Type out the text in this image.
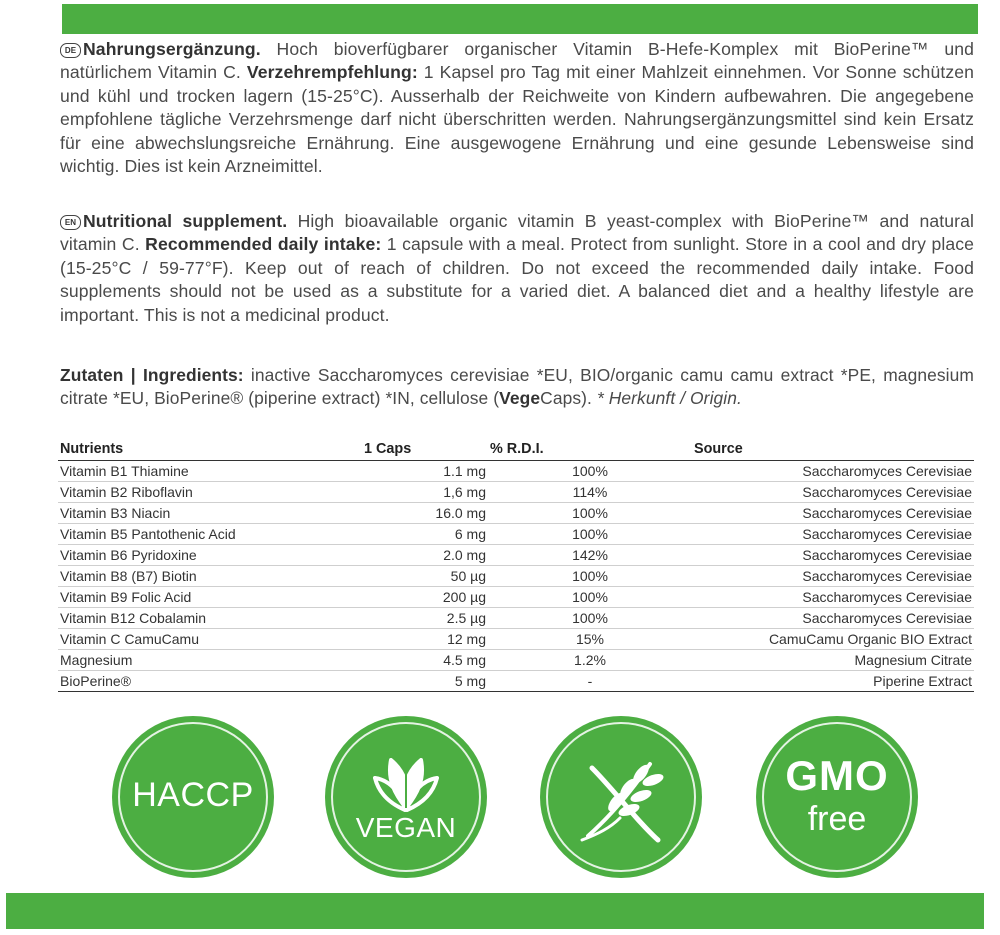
DE Nahrungsergänzung. Hoch bioverfügbarer organischer Vitamin B-Hefe-Komplex mit BioPerine™ und natürlichem Vitamin C. Verzehrempfehlung: 1 Kapsel pro Tag mit einer Mahlzeit einnehmen. Vor Sonne schützen und kühl und trocken lagern (15-25°C). Ausserhalb der Reichweite von Kindern aufbewahren. Die angegebene empfohlene tägliche Verzehrsmenge darf nicht überschritten werden. Nahrungsergänzungsmittel sind kein Ersatz für eine abwechslungsreiche Ernährung. Eine ausgewogene Ernährung und eine gesunde Lebensweise sind wichtig. Dies ist kein Arzneimittel.
EN Nutritional supplement. High bioavailable organic vitamin B yeast-complex with BioPerine™ and natural vitamin C. Recommended daily intake: 1 capsule with a meal. Protect from sunlight. Store in a cool and dry place (15-25°C / 59-77°F). Keep out of reach of children. Do not exceed the recommended daily intake. Food supplements should not be used as a substitute for a varied diet. A balanced diet and a healthy lifestyle are important. This is not a medicinal product.
Zutaten | Ingredients: inactive Saccharomyces cerevisiae *EU, BIO/organic camu camu extract *PE, magnesium citrate *EU, BioPerine® (piperine extract) *IN, cellulose (VegeCaps). * Herkunft / Origin.
Nutrients	1 Caps	% R.D.I.	Source
Vitamin B1 Thiamine	1.1 mg	100%	Saccharomyces Cerevisiae
Vitamin B2 Riboflavin	1,6 mg	114%	Saccharomyces Cerevisiae
Vitamin B3 Niacin	16.0 mg	100%	Saccharomyces Cerevisiae
Vitamin B5 Pantothenic Acid	6 mg	100%	Saccharomyces Cerevisiae
Vitamin B6 Pyridoxine	2.0 mg	142%	Saccharomyces Cerevisiae
Vitamin B8 (B7) Biotin	50 µg	100%	Saccharomyces Cerevisiae
Vitamin B9 Folic Acid	200 µg	100%	Saccharomyces Cerevisiae
Vitamin B12 Cobalamin	2.5 µg	100%	Saccharomyces Cerevisiae
Vitamin C CamuCamu	12 mg	15%	CamuCamu Organic BIO Extract
Magnesium	4.5 mg	1.2%	Magnesium Citrate
BioPerine®	5 mg	-	Piperine Extract
HACCP
VEGAN
GMO
free
